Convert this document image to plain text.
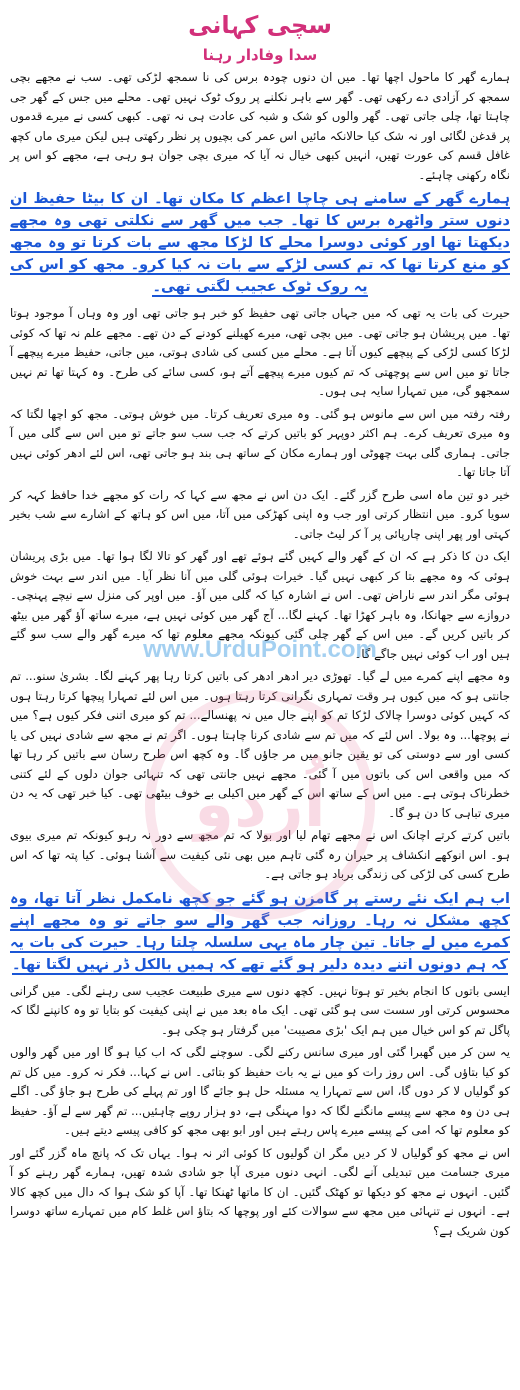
سچی کہانی
سدا وفادار رہنا
ہمارے گھر کا ماحول اچھا تھا۔ میں ان دنوں چودہ برس کی نا سمجھ لڑکی تھی۔ سب نے مجھے بچی سمجھ کر آزادی دے رکھی تھی۔ گھر سے باہر نکلنے پر روک ٹوک نہیں تھی۔ محلے میں جس کے گھر جی چاہتا تھا، چلی جاتی تھی۔ گھر والوں کو شک و شبہ کی عادت ہی نہ تھی۔ کبھی کسی نے میرے قدموں پر قدغن لگائی اور نہ شک کیا حالانکہ مائیں اس عمر کی بچیوں پر نظر رکھتی ہیں لیکن میری ماں کچھ غافل قسم کی عورت تھیں، انہیں کبھی خیال نہ آیا کہ میری بچی جوان ہو رہی ہے، مجھے کو اس پر نگاہ رکھنی چاہئے۔
ہمارے گھر کے سامنے ہی چاچا اعظم کا مکان تھا۔ ان کا بیٹا حفیظ ان دنوں ستر واٹھرہ برس کا تھا۔ جب میں گھر سے نکلتی تھی وہ مجھے دیکھتا تھا اور کوئی دوسرا محلے کا لڑکا مجھ سے بات کرتا تو وہ مجھ کو منع کرتا تھا کہ تم کسی لڑکے سے بات نہ کیا کرو۔ مجھ کو اس کی یہ روک ٹوک عجیب لگتی تھی۔
حیرت کی بات یہ تھی کہ میں جہاں جاتی تھی حفیظ کو خبر ہو جاتی تھی اور وہ وہاں آ موجود ہوتا تھا۔ میں پریشان ہو جاتی تھی۔ میں بچی تھی، میرے کھیلنے کودنے کے دن تھے۔ مجھے علم نہ تھا کہ کوئی لڑکا کسی لڑکی کے پیچھے کیوں آتا ہے۔ محلے میں کسی کی شادی ہوتی، میں جاتی، حفیظ میرے پیچھے آ جاتا تو میں اس سے پوچھتی کہ تم کیوں میرے پیچھے آتے ہو، کسی سائے کی طرح۔ وہ کہتا تھا تم نہیں سمجھو گی، میں تمہارا سایہ ہی ہوں۔
رفتہ رفتہ میں اس سے مانوس ہو گئی۔ وہ میری تعریف کرتا۔ میں خوش ہوتی۔ مجھ کو اچھا لگتا کہ وہ میری تعریف کرے۔ ہم اکثر دوپہر کو باتیں کرتے کہ جب سب سو جاتے تو میں اس سے گلی میں آ جاتی۔ ہماری گلی بہت چھوٹی اور ہمارے مکان کے ساتھ ہی بند ہو جاتی تھی، اس لئے ادھر کوئی نہیں آتا جاتا تھا۔
خیر دو تین ماہ اسی طرح گزر گئے۔ ایک دن اس نے مجھ سے کہا کہ رات کو مجھے خدا حافظ کہہ کر سویا کرو۔ میں انتظار کرتی اور جب وہ اپنی کھڑکی میں آتا، میں اس کو ہاتھ کے اشارے سے شب بخیر کہتی اور پھر اپنی چارپائی پر آ کر لیٹ جاتی۔
ایک دن کا ذکر ہے کہ ان کے گھر والے کہیں گئے ہوئے تھے اور گھر کو تالا لگا ہوا تھا۔ میں بڑی پریشان ہوئی کہ وہ مجھے بتا کر کبھی نہیں گیا۔ خیرات ہوئی گلی میں آنا نظر آیا۔ میں اندر سے بہت خوش ہوئی مگر اندر سے ناراض تھی۔ اس نے اشارہ کیا کہ گلی میں آؤ۔ میں اوپر کی منزل سے نیچے پہنچی۔ دروازے سے جھانکا، وہ باہر کھڑا تھا۔ کہنے لگا... آج گھر میں کوئی نہیں ہے، میرے ساتھ آؤ گھر میں بیٹھ کر باتیں کریں گے۔ میں اس کے گھر چلی گئی کیونکہ مجھے معلوم تھا کہ میرے گھر والے سب سو گئے ہیں اور اب کوئی نہیں جاگے گا۔
وہ مجھے اپنے کمرے میں لے گیا۔ تھوڑی دیر ادھر ادھر کی باتیں کرتا رہا پھر کہنے لگا۔ بشریٰ سنو... تم جانتی ہو کہ میں کیوں ہر وقت تمہاری نگرانی کرتا رہتا ہوں۔ میں اس لئے تمہارا پیچھا کرتا رہتا ہوں کہ کہیں کوئی دوسرا چالاک لڑکا تم کو اپنے جال میں نہ پھنسالے... تم کو میری اتنی فکر کیوں ہے؟ میں نے پوچھا... وہ بولا۔ اس لئے کہ میں تم سے شادی کرنا چاہتا ہوں۔ اگر تم نے مجھ سے شادی نہیں کی یا کسی اور سے دوستی کی تو یقین جانو میں مر جاؤں گا۔ وہ کچھ اس طرح رسان سے باتیں کر رہا تھا کہ میں واقعی اس کی باتوں میں آ گئی۔ مجھے نہیں جانتی تھی کہ تنہائی جوان دلوں کے لئے کتنی خطرناک ہوتی ہے۔ میں اس کے ساتھ اس کے گھر میں اکیلی بے خوف بیٹھی تھی۔ کیا خبر تھی کہ یہ دن میری تباہی کا دن ہو گا۔
باتیں کرتے کرتے اچانک اس نے مجھے تھام لیا اور بولا کہ تم مجھ سے دور نہ رہو کیونکہ تم میری بیوی ہو۔ اس انوکھے انکشاف پر حیران رہ گئی تاہم میں بھی نئی کیفیت سے آشنا ہوئی۔ کیا پتہ تھا کہ اس طرح کسی کی لڑکی کی زندگی برباد ہو جاتی ہے۔
اب ہم ایک نئے رستے پر گامزن ہو گئے جو کچھ نامکمل نظر آتا تھا، وہ کچھ مشکل نہ رہا۔ روزانہ جب گھر والے سو جاتے تو وہ مجھے اپنے کمرے میں لے جاتا۔ تین چار ماہ یہی سلسلہ چلتا رہا۔ حیرت کی بات یہ کہ ہم دونوں اتنے دیدہ دلیر ہو گئے تھے کہ ہمیں بالکل ڈر نہیں لگتا تھا۔
ایسی باتوں کا انجام بخیر تو ہوتا نہیں۔ کچھ دنوں سے میری طبیعت عجیب سی رہنے لگی۔ میں گرانی محسوس کرتی اور سست سی ہو گئی تھی۔ ایک ماہ بعد میں نے اپنی کیفیت کو بتایا تو وہ کانپنے لگا کہ پاگل تم کو اس خیال میں ہم ایک 'بڑی مصیبت' میں گرفتار ہو چکی ہو۔
یہ سن کر میں گھبرا گئی اور میری سانس رکنے لگی۔ سوچنے لگی کہ اب کیا ہو گا اور میں گھر والوں کو کیا بتاؤں گی۔ اس روز رات کو میں نے یہ بات حفیظ کو بتائی۔ اس نے کہا... فکر نہ کرو۔ میں کل تم کو گولیاں لا کر دوں گا، اس سے تمہارا یہ مسئلہ حل ہو جائے گا اور تم پہلے کی طرح ہو جاؤ گی۔ اگلے ہی دن وہ مجھ سے پیسے مانگنے لگا کہ دوا مہنگی ہے، دو ہزار روپے چاہئیں... تم گھر سے لے آؤ۔ حفیظ کو معلوم تھا کہ امی کے پیسے میرے پاس رہتے ہیں اور ابو بھی مجھ کو کافی پیسے دیتے ہیں۔
اس نے مجھ کو گولیاں لا کر دیں مگر ان گولیوں کا کوئی اثر نہ ہوا۔ یہاں تک کہ پانچ ماہ گزر گئے اور میری جسامت میں تبدیلی آنے لگی۔ انہی دنوں میری آپا جو شادی شدہ تھیں، ہمارے گھر رہنے کو آ گئیں۔ انہوں نے مجھ کو دیکھا تو کھٹک گئیں۔ ان کا ماتھا ٹھنکا تھا۔ آپا کو شک ہوا کہ دال میں کچھ کالا ہے۔ انہوں نے تنہائی میں مجھ سے سوالات کئے اور پوچھا کہ بتاؤ اس غلط کام میں تمہارے ساتھ دوسرا کون شریک ہے؟
اُردو
www.UrduPoint.com
